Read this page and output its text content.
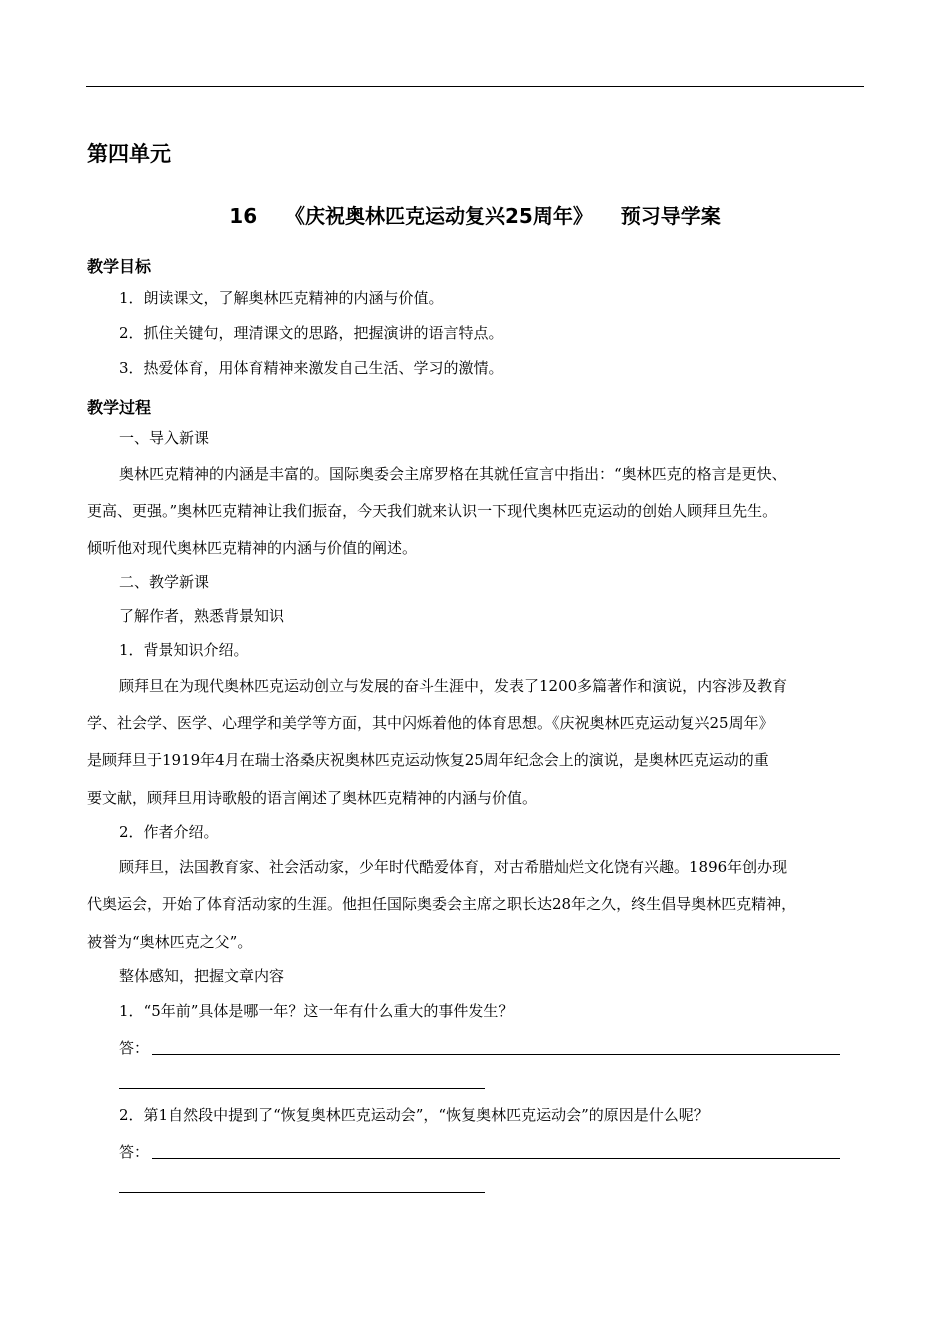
第四单元
16 《庆祝奥林匹克运动复兴25周年》 预习导学案
教学目标
1．朗读课文，了解奥林匹克精神的内涵与价值。
2．抓住关键句，理清课文的思路，把握演讲的语言特点。
3．热爱体育，用体育精神来激发自己生活、学习的激情。
教学过程
一、导入新课
奥林匹克精神的内涵是丰富的。国际奥委会主席罗格在其就任宣言中指出：“奥林匹克的格言是更快、
更高、更强。”奥林匹克精神让我们振奋，今天我们就来认识一下现代奥林匹克运动的创始人顾拜旦先生。
倾听他对现代奥林匹克精神的内涵与价值的阐述。
二、教学新课
了解作者，熟悉背景知识
1．背景知识介绍。
顾拜旦在为现代奥林匹克运动创立与发展的奋斗生涯中，发表了1200多篇著作和演说，内容涉及教育
学、社会学、医学、心理学和美学等方面，其中闪烁着他的体育思想。《庆祝奥林匹克运动复兴25周年》
是顾拜旦于1919年4月在瑞士洛桑庆祝奥林匹克运动恢复25周年纪念会上的演说，是奥林匹克运动的重
要文献，顾拜旦用诗歌般的语言阐述了奥林匹克精神的内涵与价值。
2．作者介绍。
顾拜旦，法国教育家、社会活动家，少年时代酷爱体育，对古希腊灿烂文化饶有兴趣。1896年创办现
代奥运会，开始了体育活动家的生涯。他担任国际奥委会主席之职长达28年之久，终生倡导奥林匹克精神，
被誉为“奥林匹克之父”。
整体感知，把握文章内容
1．“5年前”具体是哪一年？这一年有什么重大的事件发生？
答：
2．第1自然段中提到了“恢复奥林匹克运动会”，“恢复奥林匹克运动会”的原因是什么呢？
答：
